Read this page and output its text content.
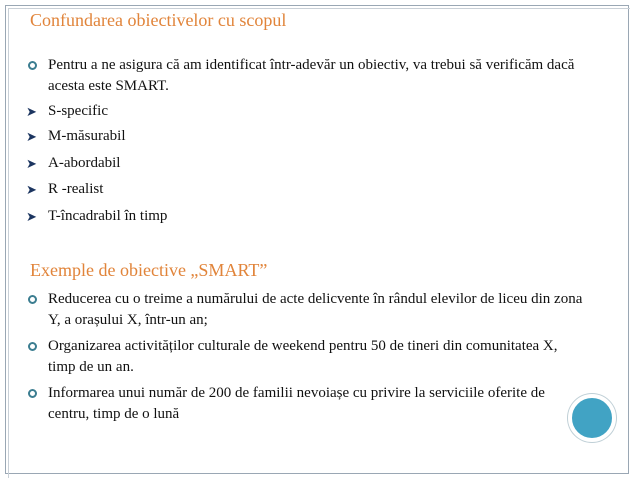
Confundarea obiectivelor cu scopul
Pentru a ne asigura că am identificat într-adevăr un obiectiv, va trebui să verificăm dacă acesta este SMART.
➤ S-specific
➤ M-măsurabil
➤ A-abordabil
➤ R -realist
➤ T-încadrabil în timp
Exemple de obiective „SMART”
Reducerea cu o treime a numărului de acte delicvente în rândul elevilor de liceu din zona Y, a orașului X, într-un an;
Organizarea activităților culturale de weekend pentru 50 de tineri din comunitatea X, timp de un an.
Informarea unui număr de 200 de familii nevoiașe cu privire la serviciile oferite de centru, timp de o lună
